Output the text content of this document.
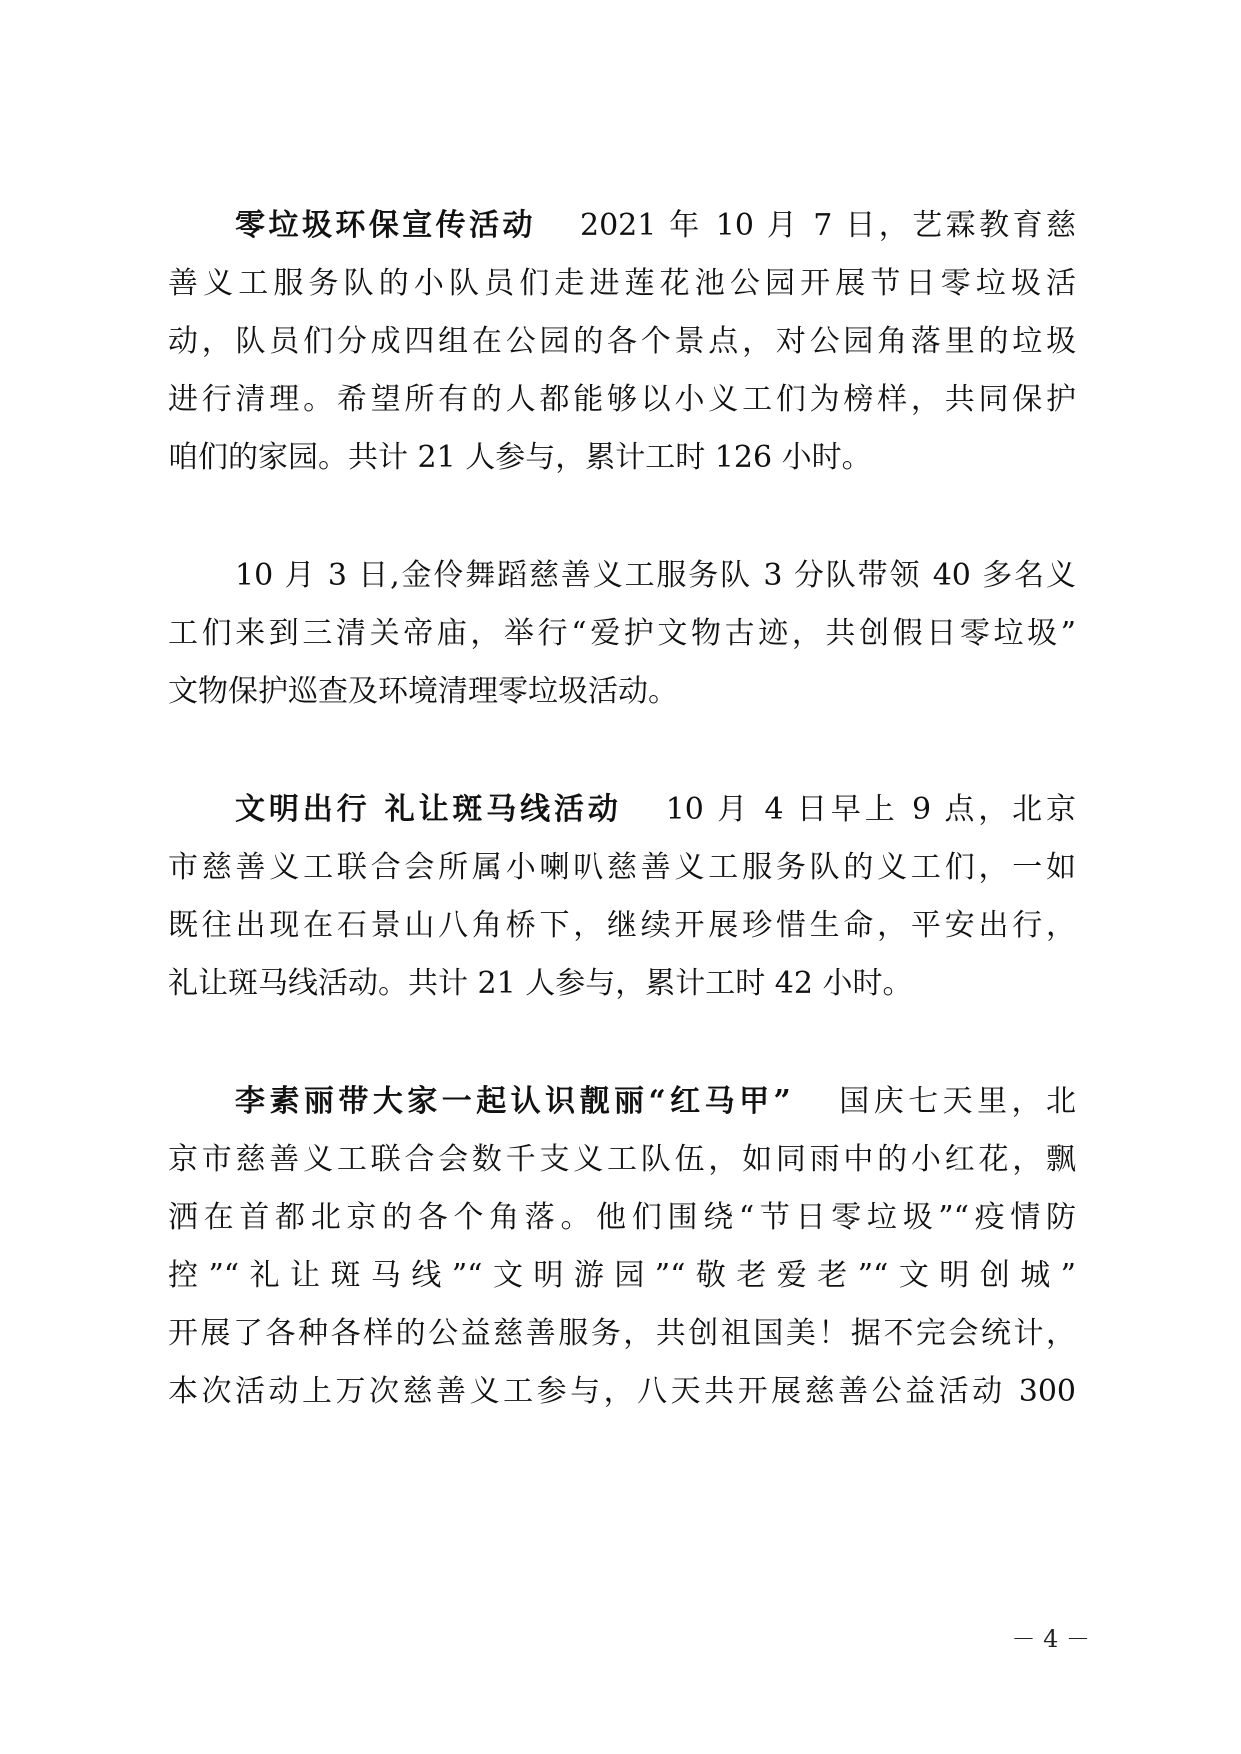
零垃圾环保宣传活动 2021 年 10 月 7 日，艺霖教育慈
善义工服务队的小队员们走进莲花池公园开展节日零垃圾活
动，队员们分成四组在公园的各个景点，对公园角落里的垃圾
进行清理。希望所有的人都能够以小义工们为榜样，共同保护
咱们的家园。共计 21 人参与，累计工时 126 小时。
10 月 3 日,金伶舞蹈慈善义工服务队 3 分队带领 40 多名义
工们来到三清关帝庙，举行“爱护文物古迹，共创假日零垃圾”
文物保护巡查及环境清理零垃圾活动。
文明出行 礼让斑马线活动 10 月 4 日早上 9 点，北京
市慈善义工联合会所属小喇叭慈善义工服务队的义工们，一如
既往出现在石景山八角桥下，继续开展珍惜生命，平安出行，
礼让斑马线活动。共计 21 人参与，累计工时 42 小时。
李素丽带大家一起认识靓丽“红马甲” 国庆七天里，北
京市慈善义工联合会数千支义工队伍，如同雨中的小红花，飘
洒在首都北京的各个角落。他们围绕“节日零垃圾”“疫情防
控”“礼让斑马线”“文明游园”“敬老爱老”“文明创城”
开展了各种各样的公益慈善服务，共创祖国美！据不完会统计，
本次活动上万次慈善义工参与，八天共开展慈善公益活动 300
－ 4 －
